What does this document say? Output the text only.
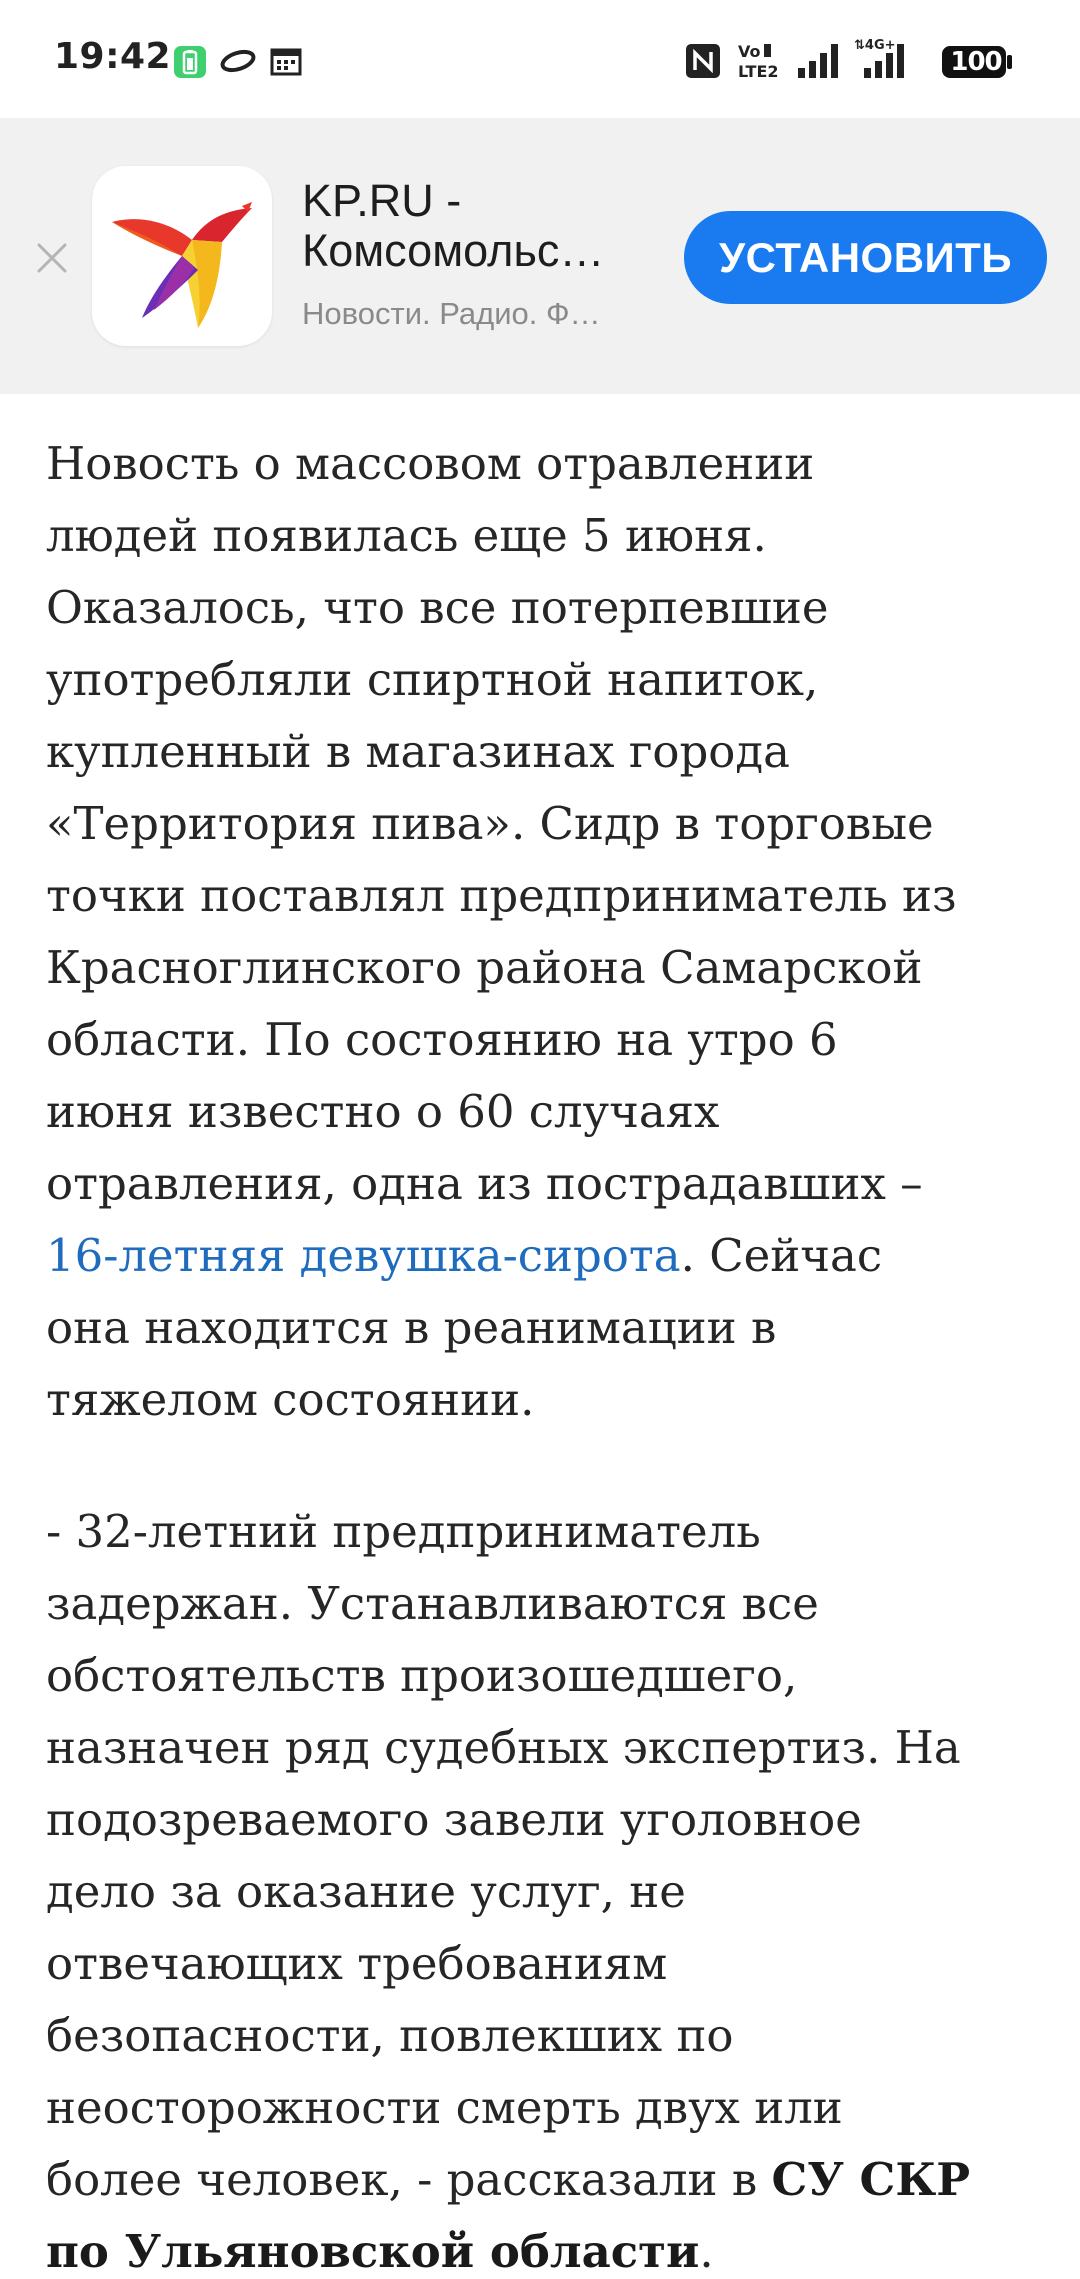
19:42	Vo
LTE2
⇅4G+
100
KP.RU -
Комсомольс…
Новости. Радио. Ф…
УСТАНОВИТЬ

Новость о массовом отравлении
людей появилась еще 5 июня.
Оказалось, что все потерпевшие
употребляли спиртной напиток,
купленный в магазинах города
«Территория пива». Сидр в торговые
точки поставлял предприниматель из
Красноглинского района Самарской
области. По состоянию на утро 6
июня известно о 60 случаях
отравления, одна из пострадавших –
16-летняя девушка-сирота. Сейчас
она находится в реанимации в
тяжелом состоянии.

- 32-летний предприниматель
задержан. Устанавливаются все
обстоятельств произошедшего,
назначен ряд судебных экспертиз. На
подозреваемого завели уголовное
дело за оказание услуг, не
отвечающих требованиям
безопасности, повлекших по
неосторожности смерть двух или
более человек, - рассказали в СУ СКР
по Ульяновской области.
